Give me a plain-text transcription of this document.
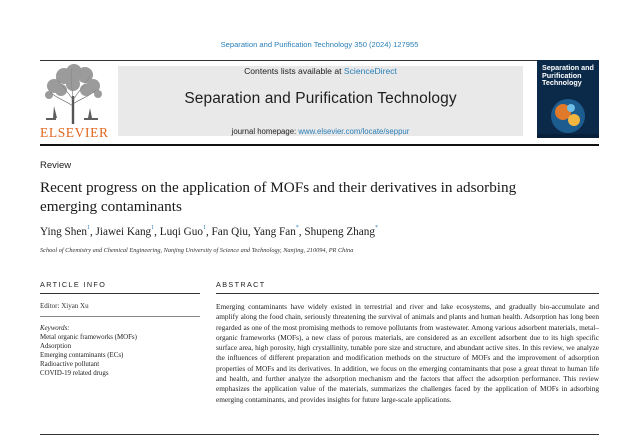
Separation and Purification Technology 350 (2024) 127955
ELSEVIER
Contents lists available at ScienceDirect
Separation and Purification Technology
journal homepage: www.elsevier.com/locate/seppur
Separation and Purification Technology
Review
Recent progress on the application of MOFs and their derivatives in adsorbing emerging contaminants
Ying Shen$^1$, Jiawei Kang$^1$, Luqi Guo$^1$, Fan Qiu, Yang Fan*, Shupeng Zhang*
School of Chemistry and Chemical Engineering, Nanjing University of Science and Technology, Nanjing, 210094, PR China
ARTICLE INFO
Editor: Xiyan Xu
Keywords:
Metal organic frameworks (MOFs)
Adsorption
Emerging contaminants (ECs)
Radioactive pollutant
COVID-19 related drugs
ABSTRACT
Emerging contaminants have widely existed in terrestrial and river and lake ecosystems, and gradually bio-accumulate and amplify along the food chain, seriously threatening the survival of animals and plants and human health. Adsorption has long been regarded as one of the most promising methods to remove pollutants from wastewater. Among various adsorbent materials, metal–organic frameworks (MOFs), a new class of porous materials, are considered as an excellent adsorbent due to its high specific surface area, high porosity, high crystallinity, tunable pore size and structure, and abundant active sites. In this review, we analyze the influences of different preparation and modification methods on the structure of MOFs and the improvement of adsorption properties of MOFs and its derivatives. In addition, we focus on the emerging contaminants that pose a great threat to human life and health, and further analyze the adsorption mechanism and the factors that affect the adsorption performance. This review emphasizes the application value of the materials, summarizes the challenges faced by the application of MOFs in adsorbing emerging contaminants, and provides insights for future large-scale applications.
